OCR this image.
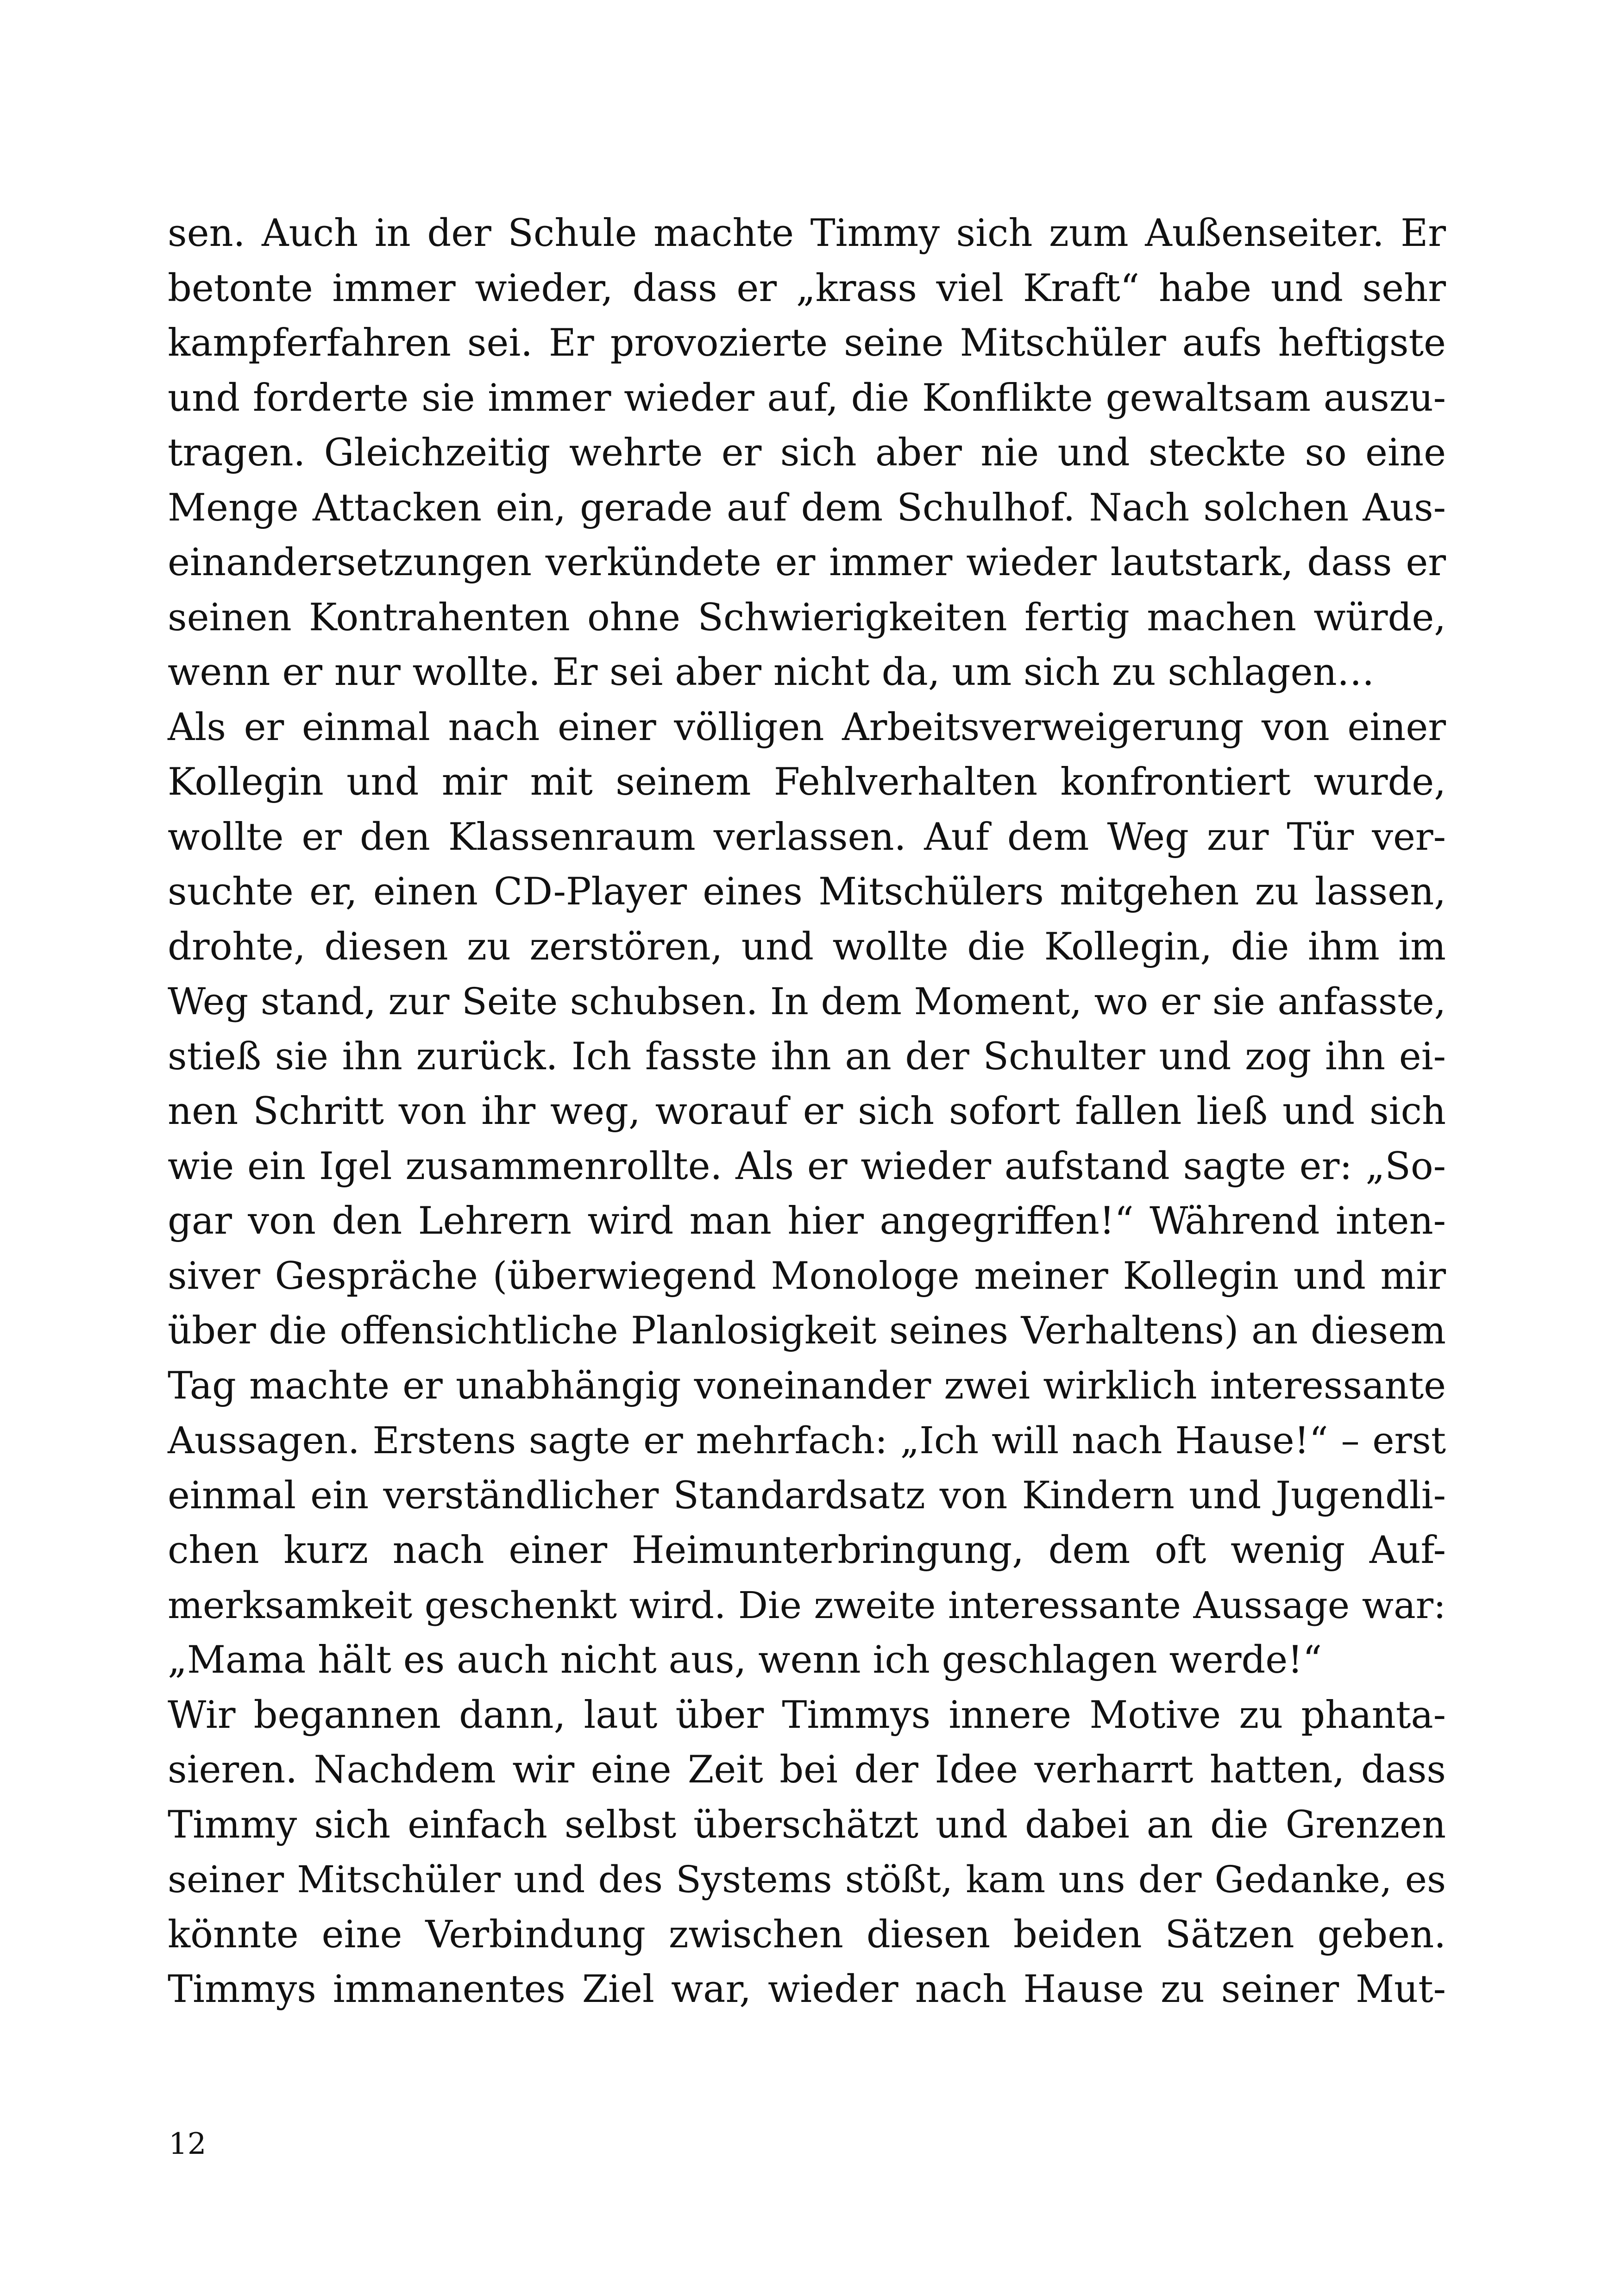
sen. Auch in der Schule machte Timmy sich zum Außenseiter. Er
betonte immer wieder, dass er „krass viel Kraft“ habe und sehr
kampferfahren sei. Er provozierte seine Mitschüler aufs heftigste
und forderte sie immer wieder auf, die Konflikte gewaltsam auszu-
tragen. Gleichzeitig wehrte er sich aber nie und steckte so eine
Menge Attacken ein, gerade auf dem Schulhof. Nach solchen Aus-
einandersetzungen verkündete er immer wieder lautstark, dass er
seinen Kontrahenten ohne Schwierigkeiten fertig machen würde,
wenn er nur wollte. Er sei aber nicht da, um sich zu schlagen…
Als er einmal nach einer völligen Arbeitsverweigerung von einer
Kollegin und mir mit seinem Fehlverhalten konfrontiert wurde,
wollte er den Klassenraum verlassen. Auf dem Weg zur Tür ver-
suchte er, einen CD-Player eines Mitschülers mitgehen zu lassen,
drohte, diesen zu zerstören, und wollte die Kollegin, die ihm im
Weg stand, zur Seite schubsen. In dem Moment, wo er sie anfasste,
stieß sie ihn zurück. Ich fasste ihn an der Schulter und zog ihn ei-
nen Schritt von ihr weg, worauf er sich sofort fallen ließ und sich
wie ein Igel zusammenrollte. Als er wieder aufstand sagte er: „So-
gar von den Lehrern wird man hier angegriffen!“ Während inten-
siver Gespräche (überwiegend Monologe meiner Kollegin und mir
über die offensichtliche Planlosigkeit seines Verhaltens) an diesem
Tag machte er unabhängig voneinander zwei wirklich interessante
Aussagen. Erstens sagte er mehrfach: „Ich will nach Hause!“ – erst
einmal ein verständlicher Standardsatz von Kindern und Jugendli-
chen kurz nach einer Heimunterbringung, dem oft wenig Auf-
merksamkeit geschenkt wird. Die zweite interessante Aussage war:
„Mama hält es auch nicht aus, wenn ich geschlagen werde!“
Wir begannen dann, laut über Timmys innere Motive zu phanta-
sieren. Nachdem wir eine Zeit bei der Idee verharrt hatten, dass
Timmy sich einfach selbst überschätzt und dabei an die Grenzen
seiner Mitschüler und des Systems stößt, kam uns der Gedanke, es
könnte eine Verbindung zwischen diesen beiden Sätzen geben.
Timmys immanentes Ziel war, wieder nach Hause zu seiner Mut-
12
